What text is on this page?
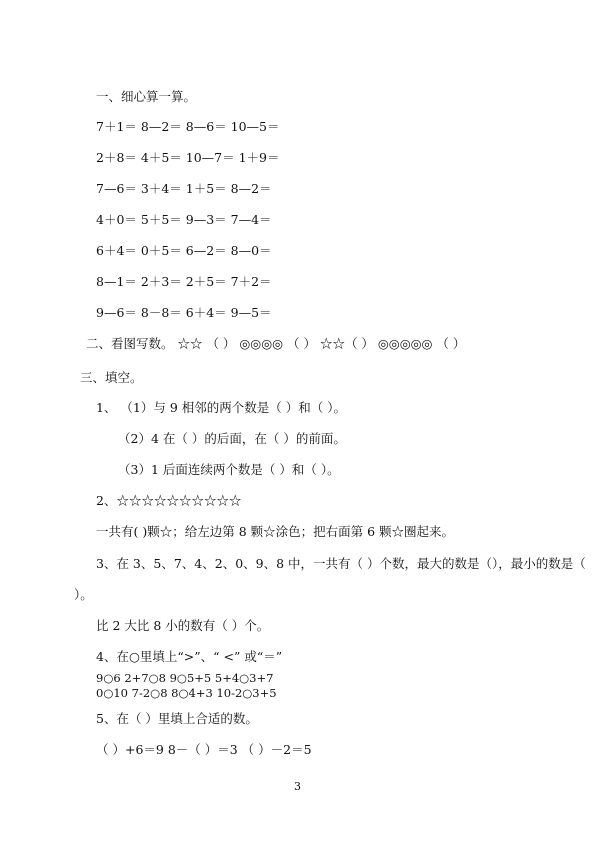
一、细心算一算。
7＋1＝ 8—2＝ 8—6＝ 10—5＝
2＋8＝ 4＋5＝ 10—7＝ 1＋9＝
7—6＝ 3＋4＝ 1＋5＝ 8—2＝
4＋0＝ 5＋5＝ 9—3＝ 7—4＝
6＋4＝ 0＋5＝ 6—2＝ 8—0＝
8—1＝ 2＋3＝ 2＋5＝ 7＋2＝
9—6＝ 8－8＝ 6＋4＝ 9—5＝
二、看图写数。 ☆☆ （ ） ◎◎◎◎ （ ） ☆☆（ ） ◎◎◎◎◎ （ ）
三、填空。
1、 （1）与 9 相邻的两个数是（ ）和（ ）。
（2）4 在（ ）的后面，在（ ）的前面。
（3）1 后面连续两个数是（ ）和（ ）。
2、☆☆☆☆☆☆☆☆☆☆
一共有( )颗☆；给左边第 8 颗☆涂色；把右面第 6 颗☆圈起来。
3、在 3、5、7、4、2、0、9、8 中，一共有（ ）个数，最大的数是（），最小的数是（
）。
比 2 大比 8 小的数有（ ）个。
4、在○里填上“>”、“ <” 或“＝”
9○6 2+7○8 9○5+5 5+4○3+7
0○10 7-2○8 8○4+3 10-2○3+5
5、在（ ）里填上合适的数。
（ ）+6＝9 8－（ ）＝3 （ ）－2＝5
3
